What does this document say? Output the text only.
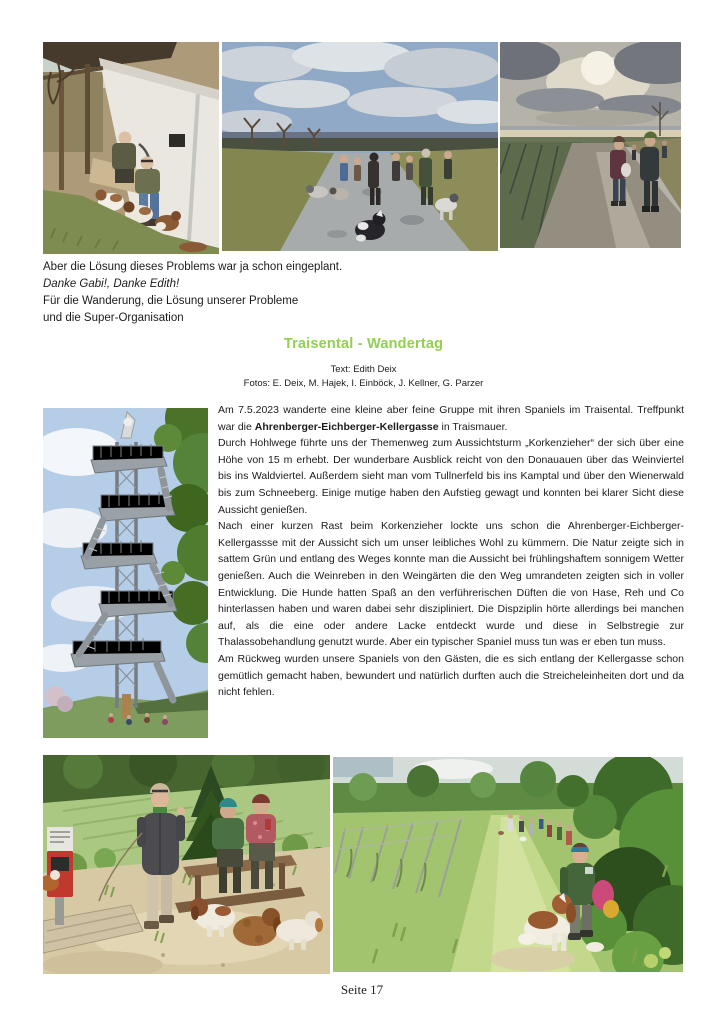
Aber die Lösung dieses Problems war ja schon eingeplant.
Danke Gabi!, Danke Edith!
Für die Wanderung, die Lösung unserer Probleme
und die Super-Organisation
Traisental - Wandertag
Text: Edith Deix
Fotos: E. Deix, M. Hajek, I. Einböck, J. Kellner, G. Parzer

Am 7.5.2023 wanderte eine kleine aber feine Gruppe mit ihren Spaniels im Traisental. Treffpunkt war die Ahrenberger-Eichberger-Kellergasse in Traismauer.

Durch Hohlwege führte uns der Themenweg zum Aussichtsturm „Korkenzieher“ der sich über eine Höhe von 15 m erhebt. Der wunderbare Ausblick reicht von den Donauauen über das Weinviertel bis ins Waldviertel. Außerdem sieht man vom Tullnerfeld bis ins Kamptal und über den Wienerwald bis zum Schneeberg. Einige mutige haben den Aufstieg gewagt und konnten bei klarer Sicht diese Aussicht genießen.

Nach einer kurzen Rast beim Korkenzieher lockte uns schon die Ahrenberger-Eichberger-Kellergassse mit der Aussicht sich um unser leibliches Wohl zu kümmern. Die Natur zeigte sich in sattem Grün und entlang des Weges konnte man die Aussicht bei frühlingshaftem sonnigem Wetter genießen. Auch die Weinreben in den Weingärten die den Weg umrandeten zeigten sich in voller Entwicklung. Die Hunde hatten Spaß an den verführerischen Düften die von Hase, Reh und Co hinterlassen haben und waren dabei sehr diszipliniert. Die Dispziplin hörte allerdings bei manchen auf, als die eine oder andere Lacke entdeckt wurde und diese in Selbstregie zur Thalassobehandlung genutzt wurde. Aber ein typischer Spaniel muss tun was er eben tun muss.

Am Rückweg wurden unsere Spaniels von den Gästen, die es sich entlang der Kellergasse schon gemütlich gemacht haben, bewundert und natürlich durften auch die Streicheleinheiten dort und da nicht fehlen.

Seite 17
